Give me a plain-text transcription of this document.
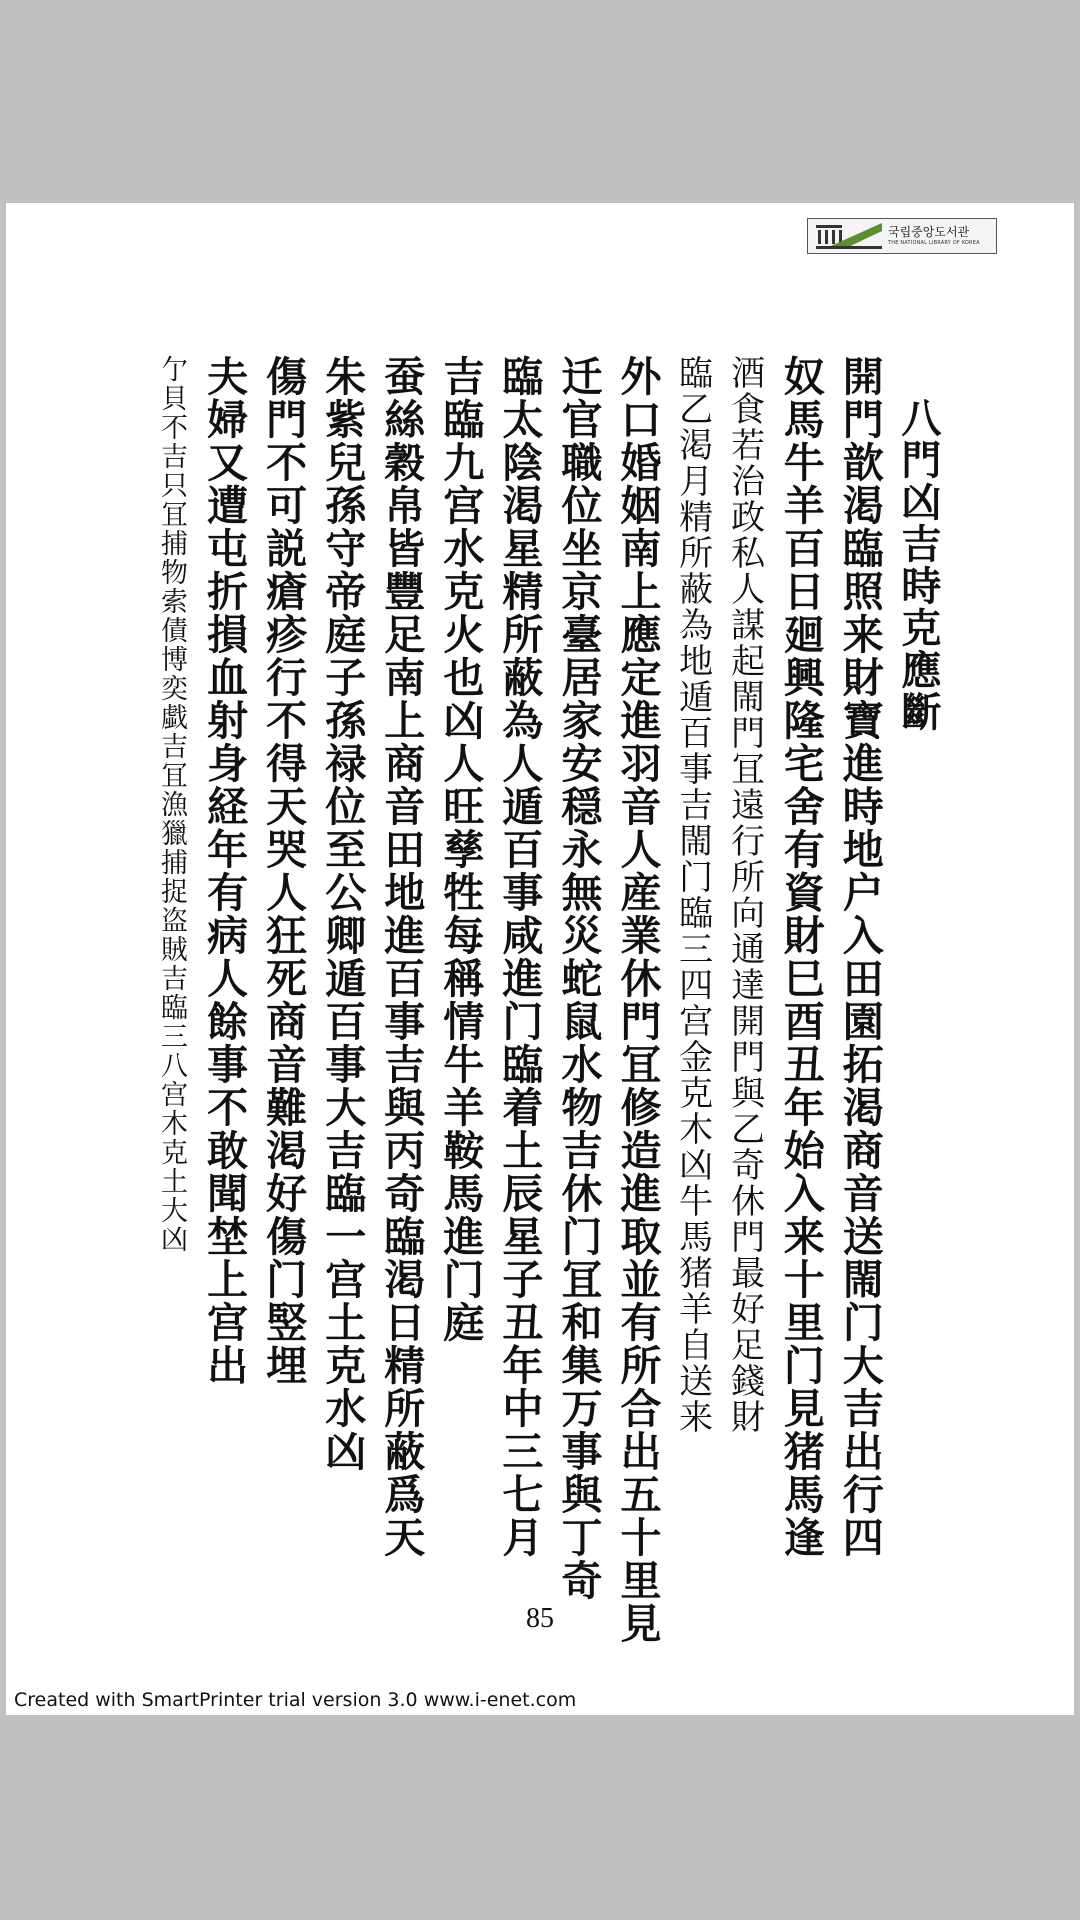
국립중앙도서관
THE NATIONAL LIBRARY OF KOREA
八門凶吉時克應斷
開門歆渇臨照来財寶進時地户入田園拓渇商音送閙门大吉出行四
奴馬牛羊百日廻興隆宅舍有資財巳酉丑年始入来十里门見猪馬逢
酒食若治政私人謀起閙門冝遠行所向通達開門與乙奇休門最好足錢財
臨乙渇月精所蔽為地遁百事吉閙门臨三四宫金克木凶牛馬猪羊自送来
外口婚姻南上應定進羽音人産業休門冝修造進取並有所合出五十里見
迁官職位坐京臺居家安穏永無災蛇鼠水物吉休门冝和集万事與丁奇
臨太陰渇星精所蔽為人遁百事咸進门臨着土辰星子丑年中三七月
吉臨九宫水克火也凶人旺孳牲每稱情牛羊鞍馬進门庭
蚕絲穀帛皆豐足南上商音田地進百事吉與丙奇臨渇日精所蔽爲天
朱紫兒孫守帝庭子孫禄位至公卿遁百事大吉臨一宫土克水凶
傷門不可説瘡疹行不得天哭人狂死商音難渇好傷门竪埋
夫婦又遭屯折損血射身経年有病人餘事不敢聞埜上宫出
亇貝不吉只冝捕物索債博奕戱吉冝漁獵捕捉盗賊吉臨三八宫木克土大凶
85
Created with SmartPrinter trial version 3.0 www.i-enet.com
